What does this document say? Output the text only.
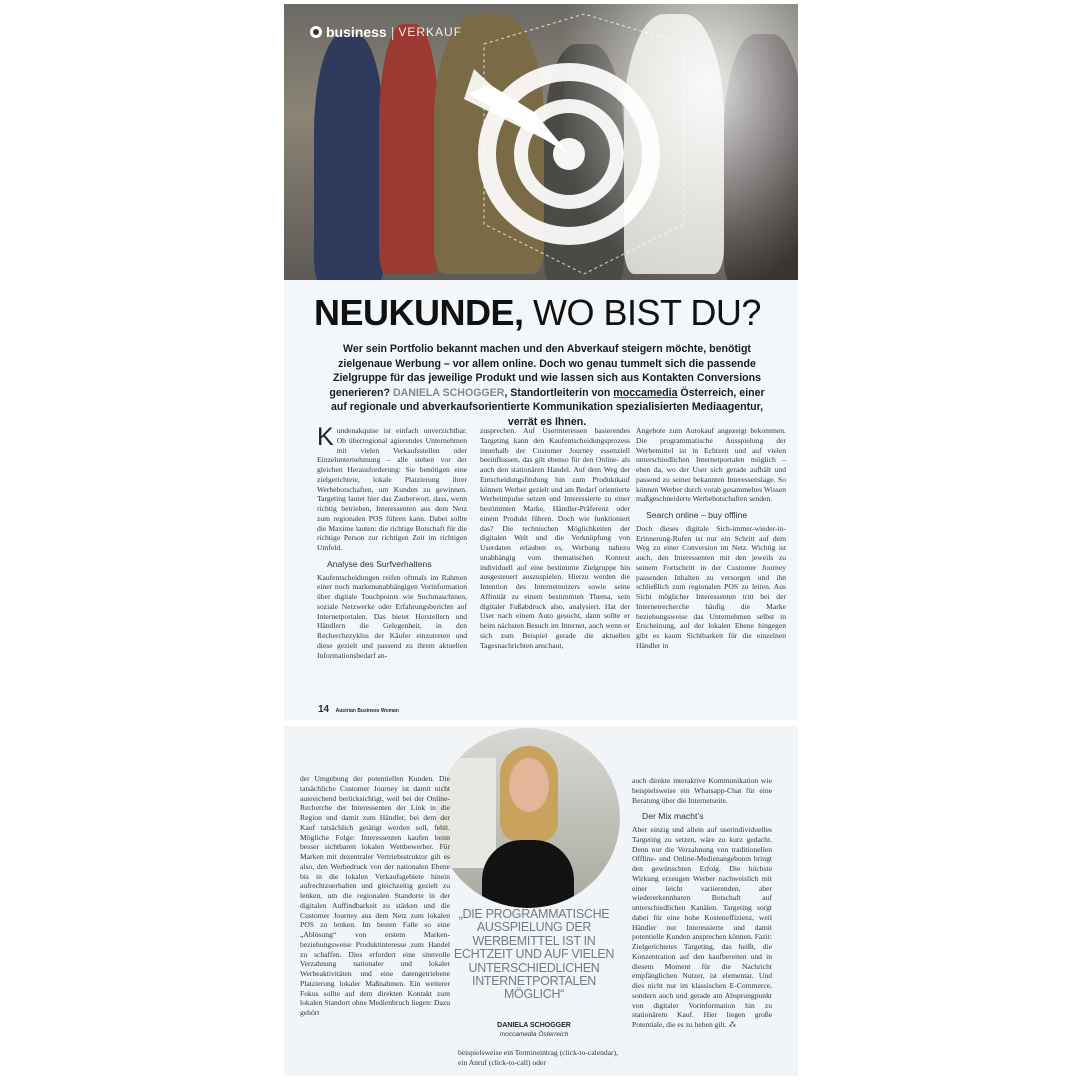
business | VERKAUF
NEUKUNDE, WO BIST DU?
Wer sein Portfolio bekannt machen und den Abverkauf steigern möchte, benötigt zielgenaue Werbung – vor allem online. Doch wo genau tummelt sich die passende Zielgruppe für das jeweilige Produkt und wie lassen sich aus Kontakten Conversions generieren? DANIELA SCHOGGER, Standortleiterin von moccamedia Österreich, einer auf regionale und abverkaufsorientierte Kommunikation spezialisierten Mediaagentur, verrät es Ihnen.

Kundenakquise ist einfach unverzichtbar. Ob überregional agierendes Unternehmen mit vielen Verkaufsstellen oder Einzelunternehmung – alle stehen vor der gleichen Herausforderung: Sie benötigen eine zielgerichtete, lokale Platzierung ihrer Werbebotschaften, um Kunden zu gewinnen. Targeting lautet hier das Zauberwort, dass, wenn richtig betrieben, Interessenten aus dem Netz zum regionalen POS führen kann. Dabei sollte die Maxime lauten: die richtige Botschaft für die richtige Person zur richtigen Zeit im richtigen Umfeld.

Analyse des Surfverhaltens

Kaufentscheidungen reifen oftmals im Rahmen einer noch markenunabhängigen Vorinformation über digitale Touchpoints wie Suchmaschinen, soziale Netzwerke oder Erfahrungsberichte auf Internetportalen. Das bietet Herstellern und Händlern die Gelegenheit, in den Recherchezyklus der Käufer einzutreten und diese gezielt und passend zu ihrem aktuellen Informationsbedarf an-

zusprechen. Auf Userinteressen basierendes Targeting kann den Kaufentscheidungsprozess innerhalb der Customer Journey essenziell beeinflussen, das gilt ebenso für den Online- als auch den stationären Handel. Auf dem Weg der Entscheidungsfindung hin zum Produktkauf können Werber gezielt und am Bedarf orientierte Werbeimpulse setzen und Interessierte zu einer bestimmten Marke, Händler-Präferenz oder einem Produkt führen. Doch wie funktioniert das? Die technischen Möglichkeiten der digitalen Welt und die Verknüpfung von Userdaten erlauben es, Werbung nahezu unabhängig vom thematischen Kontext individuell auf eine bestimmte Zielgruppe hin ausgesteuert auszuspielen. Hierzu werden die Intention des Internetnutzers sowie seine Affinität zu einem bestimmten Thema, sein digitaler Fußabdruck also, analysiert. Hat der User nach einem Auto gesucht, dann sollte er beim nächsten Besuch im Internet, auch wenn er sich zum Beispiel gerade die aktuellen Tagesnachrichten anschaut,

Angebote zum Autokauf angezeigt bekommen. Die programmatische Ausspielung der Werbemittel ist in Echtzeit und auf vielen unterschiedlichen Internetportalen möglich – eben da, wo der User sich gerade aufhält und passend zu seiner bekannten Interessenslage. So können Werber durch vorab gesammeltes Wissen maßgeschneiderte Werbebotschaften senden.

Search online – buy offline

Doch dieses digitale Sich-immer-wieder-in-Erinnerung-Rufen ist nur ein Schritt auf dem Weg zu einer Conversion im Netz. Wichtig ist auch, den Interessenten mit den jeweils zu seinem Fortschritt in der Customer Journey passenden Inhalten zu versorgen und ihn schließlich zum regionalen POS zu leiten. Aus Sicht möglicher Interessenten tritt bei der Internetrecherche häufig die Marke beziehungsweise das Unternehmen selbst in Erscheinung, auf der lokalen Ebene hingegen gibt es kaum Sichtbarkeit für die einzelnen Händler in

14 Austrian Business Woman

der Umgebung der potentiellen Kunden. Die tatsächliche Customer Journey ist damit nicht ausreichend berücksichtigt, weil bei der Online-Recherche der Interessenten der Link in die Region und damit zum Händler, bei dem der Kauf tatsächlich getätigt werden soll, fehlt. Mögliche Folge: Interessenten kaufen beim besser sichtbaren lokalen Wettbewerber. Für Marken mit dezentraler Vertriebsstruktur gilt es also, den Werbedruck von der nationalen Ebene bis in die lokalen Verkaufsgebiete hinein aufrechtzuerhalten und gleichzeitig gezielt zu lenken, um die regionalen Standorte in der digitalen Auffindbarkeit zu stärken und die Customer Journey aus dem Netz zum lokalen POS zu lenken. Im besten Falle so eine „Ablösung“ von erstem Marken- beziehungsweise Produktinteresse zum Handel zu schaffen. Dies erfordert eine sinnvolle Verzahnung nationaler und lokaler Werbeaktivitäten und eine datengetriebene Platzierung lokaler Maßnahmen. Ein weiterer Fokus sollte auf dem direkten Kontakt zum lokalen Standort ohne Medienbruch liegen: Dazu gehört

„DIE PROGRAMMATISCHE AUSSPIELUNG DER WERBEMITTEL IST IN ECHTZEIT UND AUF VIELEN UNTERSCHIEDLICHEN INTERNETPORTALEN MÖGLICH“
DANIELA SCHOGGER
moccamedia Österreich

beispielsweise ein Termineintrag (click-to-calendar), ein Anruf (click-to-call) oder

auch direkte interaktive Kommunikation wie beispielsweise ein Whatsapp-Chat für eine Beratung über die Internetseite.

Der Mix macht’s

Aber einzig und allein auf userindividuelles Targeting zu setzen, wäre zu kurz gedacht. Denn nur die Verzahnung von traditionellen Offline- und Online-Medienangeboten bringt den gewünschten Erfolg. Die höchste Wirkung erzeugen Werber nachweislich mit einer leicht variierenden, aber wiedererkennbaren Botschaft auf unterschiedlichen Kanälen. Targeting sorgt dabei für eine hohe Kosteneffizienz, weil Händler nur Interessierte und damit potentielle Kunden ansprechen können. Fazit: Zielgerichtetes Targeting, das heißt, die Konzentration auf den kaufbereiten und in diesem Moment für die Nachricht empfänglichen Nutzer, ist elementar. Und dies nicht nur im klassischen E-Commerce, sondern auch und gerade am Absprungpunkt von digitaler Vorinformation hin zu stationärem Kauf. Hier liegen große Potentiale, die es zu heben gilt. ⁂
